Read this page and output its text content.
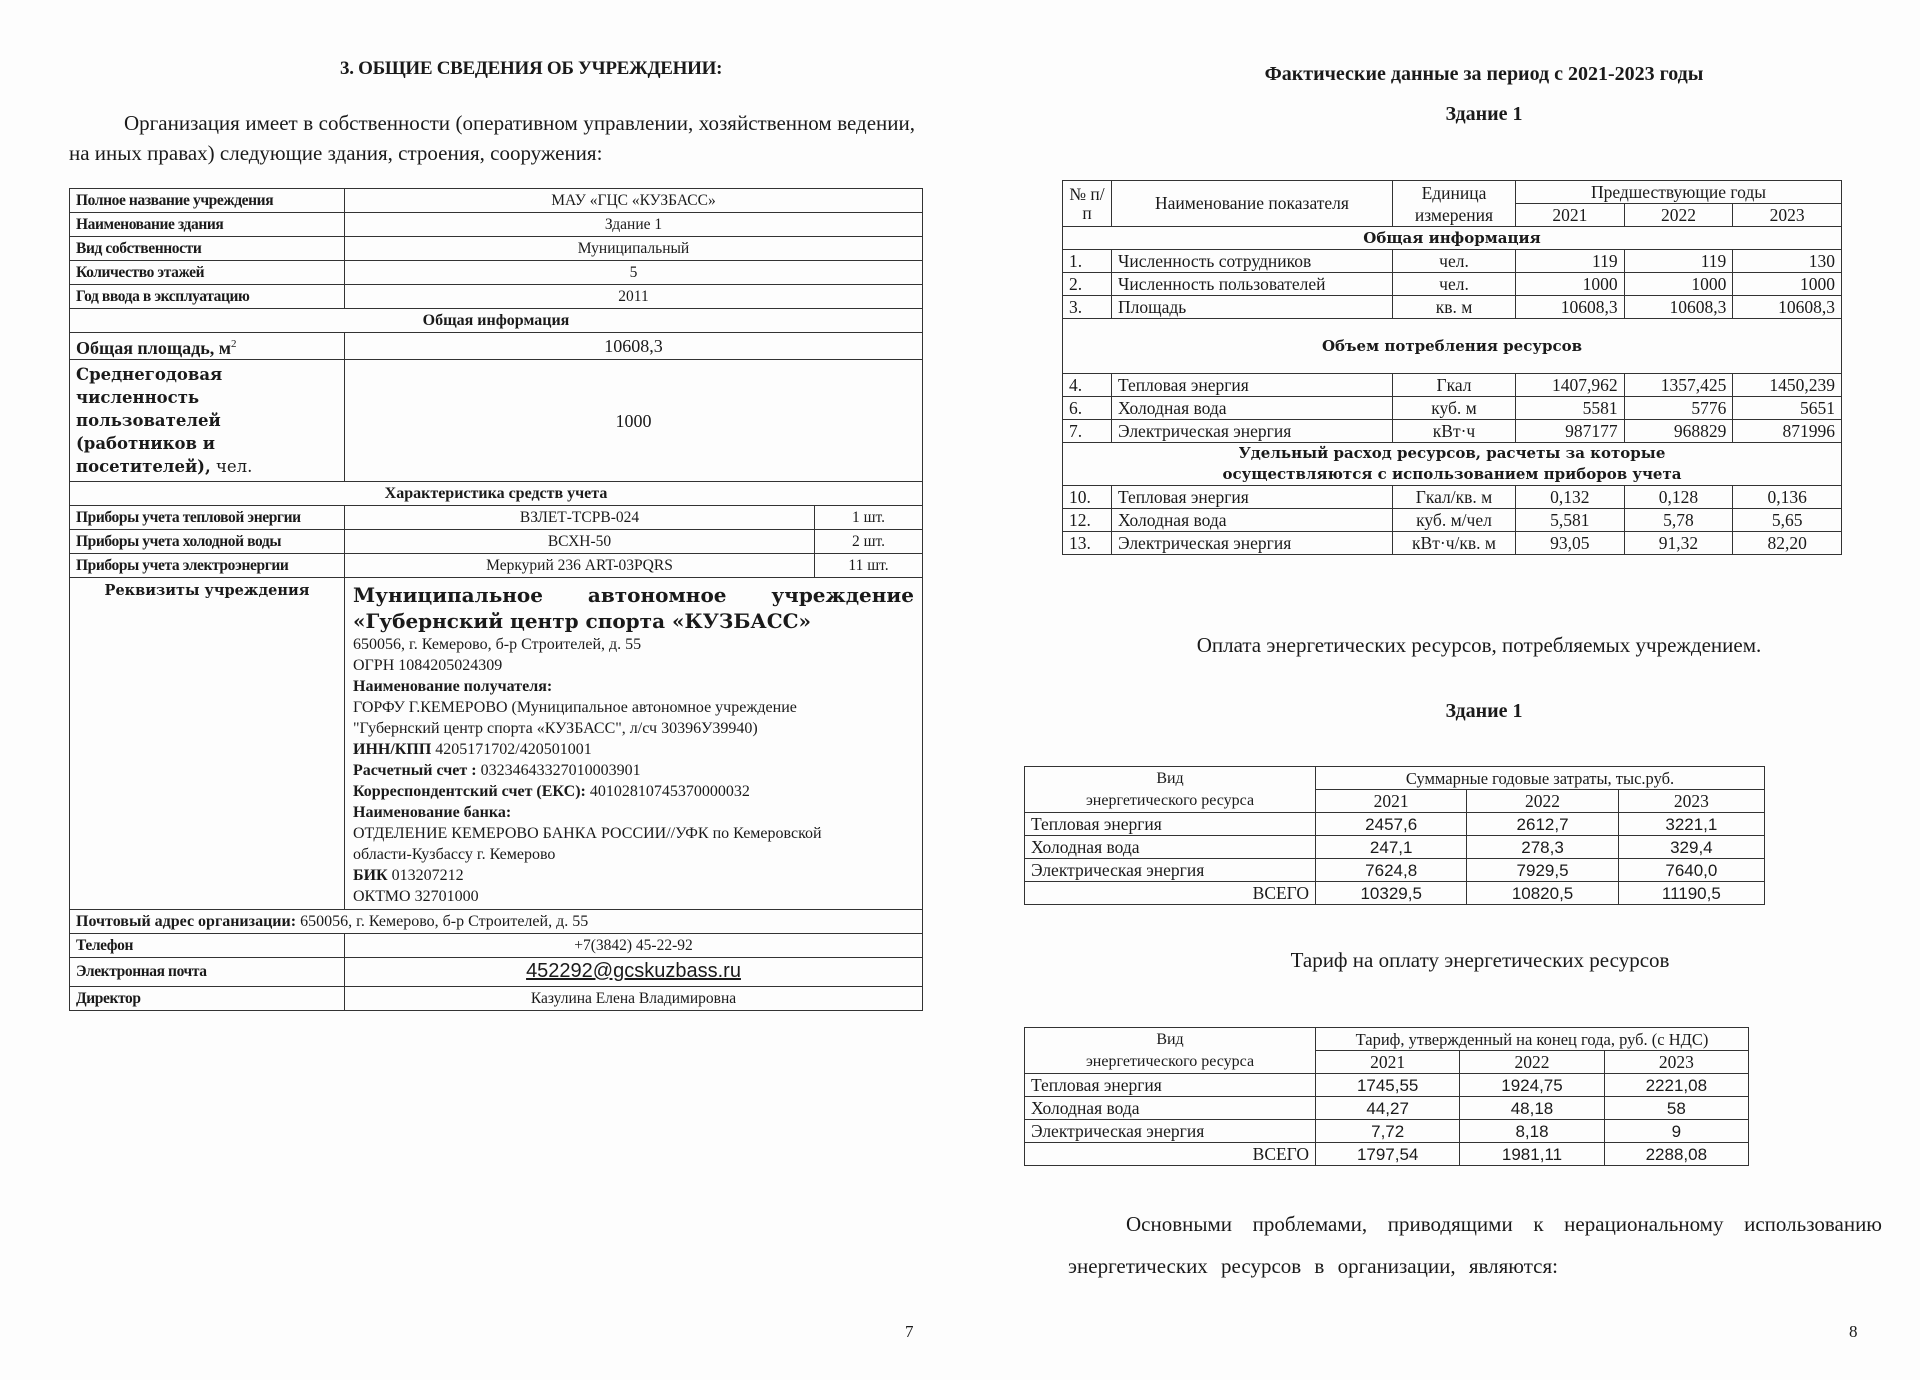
3. ОБЩИЕ СВЕДЕНИЯ ОБ УЧРЕЖДЕНИИ:
Организация имеет в собственности (оперативном управлении, хозяйственном ведении, на иных правах) следующие здания, строения, сооружения:
Полное название учреждения	МАУ «ГЦС «КУЗБАСС»	
Наименование здания	Здание 1	
Вид собственности	Муниципальный	
Количество этажей	5	
Год ввода в эксплуатацию	2011	
Общая информация		
Общая площадь, $м^2$	10608,3	
Среднегодовая численность пользователей (работников и посетителей), чел.	1000	
Характеристика средств учета		
Приборы учета тепловой энергии	ВЗЛЕТ-ТСРВ-024	1 шт.
Приборы учета холодной воды	ВСХН-50	2 шт.
Приборы учета электроэнергии	Меркурий 236 ART-03PQRS	11 шт.
Реквизиты учреждения	Муниципальное автономное учреждение
«Губернский центр спорта «КУЗБАСС»
650056, г. Кемерово, б-р Строителей, д. 55
ОГРН 1084205024309
Наименование получателя:
ГОРФУ Г.КЕМЕРОВО (Муниципальное автономное учреждение
"Губернский центр спорта «КУЗБАСС", л/сч 30396У39940)
ИНН/КПП 4205171702/420501001
Расчетный счет : 03234643327010003901
Корреспондентский счет (ЕКС): 40102810745370000032
Наименование банка:
ОТДЕЛЕНИЕ КЕМЕРОВО БАНКА РОССИИ//УФК по Кемеровской
области-Кузбассу г. Кемерово
БИК 013207212
ОКТМО 32701000

Почтовый адрес организации: 650056, г. Кемерово, б-р Строителей, д. 55		
Телефон	+7(3842) 45-22-92	
Электронная почта	452292@gcskuzbass.ru	
Директор	Казулина Елена Владимировна	
7
Фактические данные за период с 2021-2023 годы
Здание 1
Оплата энергетических ресурсов, потребляемых учреждением.
Здание 1
Тариф на оплату энергетических ресурсов
Основными проблемами, приводящими к нерациональному использованию энергетических ресурсов в организации, являются:
8
№ п/п	Наименование показателя	Единица измерения	Предшествующие годы		
			2021	2022	2023

Общая информация					

1.	Численность сотрудников	чел.	119	119	130
2.	Численность пользователей	чел.	1000	1000	1000
3.	Площадь	кв. м	10608,3	10608,3	10608,3

Объем потребления ресурсов					

4.	Тепловая энергия	Гкал	1407,962	1357,425	1450,239
6.	Холодная вода	куб. м	5581	5776	5651
7.	Электрическая энергия	кВт·ч	987177	968829	871996

Удельный расход ресурсов, расчеты за которые
осуществляются с использованием приборов учета					

10.	Тепловая энергия	Гкал/кв. м	0,132	0,128	0,136
12.	Холодная вода	куб. м/чел	5,581	5,78	5,65
13.	Электрическая энергия	кВт·ч/кв. м	93,05	91,32	82,20
Вид
энергетического ресурса	Суммарные годовые затраты, тыс.руб.		
	2021	2022	2023
Тепловая энергия	2457,6	2612,7	3221,1
Холодная вода	247,1	278,3	329,4
Электрическая энергия	7624,8	7929,5	7640,0
ВСЕГО	10329,5	10820,5	11190,5
Вид
энергетического ресурса	Тариф, утвержденный на конец года, руб. (с НДС)		
	2021	2022	2023
Тепловая энергия	1745,55	1924,75	2221,08
Холодная вода	44,27	48,18	58
Электрическая энергия	7,72	8,18	9
ВСЕГО	1797,54	1981,11	2288,08
